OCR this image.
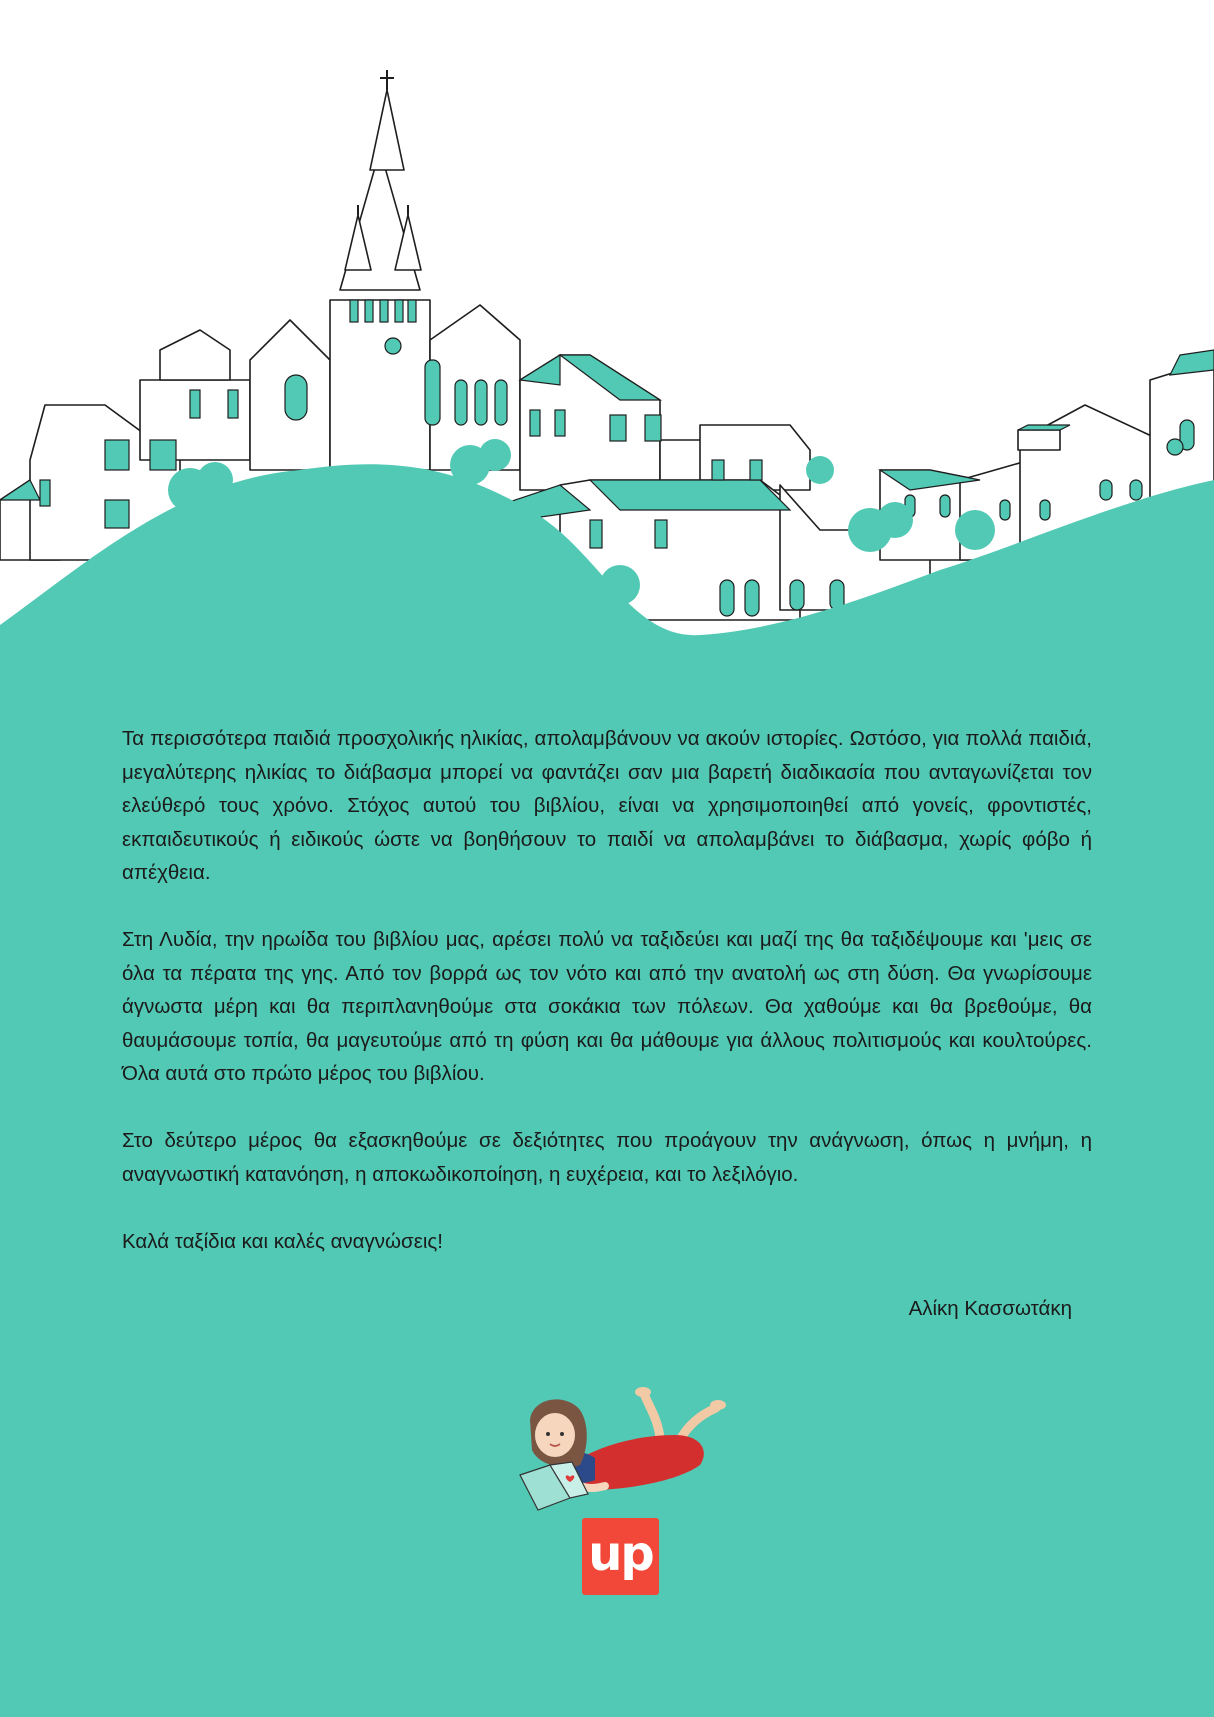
Τα περισσότερα παιδιά προσχολικής ηλικίας, απολαμβάνουν να ακούν ιστορίες. Ωστόσο, για πολλά παιδιά, μεγαλύτερης ηλικίας το διάβασμα μπορεί να φαντάζει σαν μια βαρετή διαδικασία που ανταγωνίζεται τον ελεύθερό τους χρόνο. Στόχος αυτού του βιβλίου, είναι να χρησιμοποιηθεί από γονείς, φροντιστές, εκπαιδευτικούς ή ειδικούς ώστε να βοηθήσουν το παιδί να απολαμβάνει το διάβασμα, χωρίς φόβο ή απέχθεια.

Στη Λυδία, την ηρωίδα του βιβλίου μας, αρέσει πολύ να ταξιδεύει και μαζί της θα ταξιδέψουμε και 'μεις σε όλα τα πέρατα της γης. Από τον βορρά ως τον νότο και από την ανατολή ως στη δύση. Θα γνωρίσουμε άγνωστα μέρη και θα περιπλανηθούμε στα σοκάκια των πόλεων. Θα χαθούμε και θα βρεθούμε, θα θαυμάσουμε τοπία, θα μαγευτούμε από τη φύση και θα μάθουμε για άλλους πολιτισμούς και κουλτούρες. Όλα αυτά στο πρώτο μέρος του βιβλίου.

Στο δεύτερο μέρος θα εξασκηθούμε σε δεξιότητες που προάγουν την ανάγνωση, όπως η μνήμη, η αναγνωστική κατανόηση, η αποκωδικοποίηση, η ευχέρεια, και το λεξιλόγιο.

Καλά ταξίδια και καλές αναγνώσεις!

Αλίκη Κασσωτάκη

up
